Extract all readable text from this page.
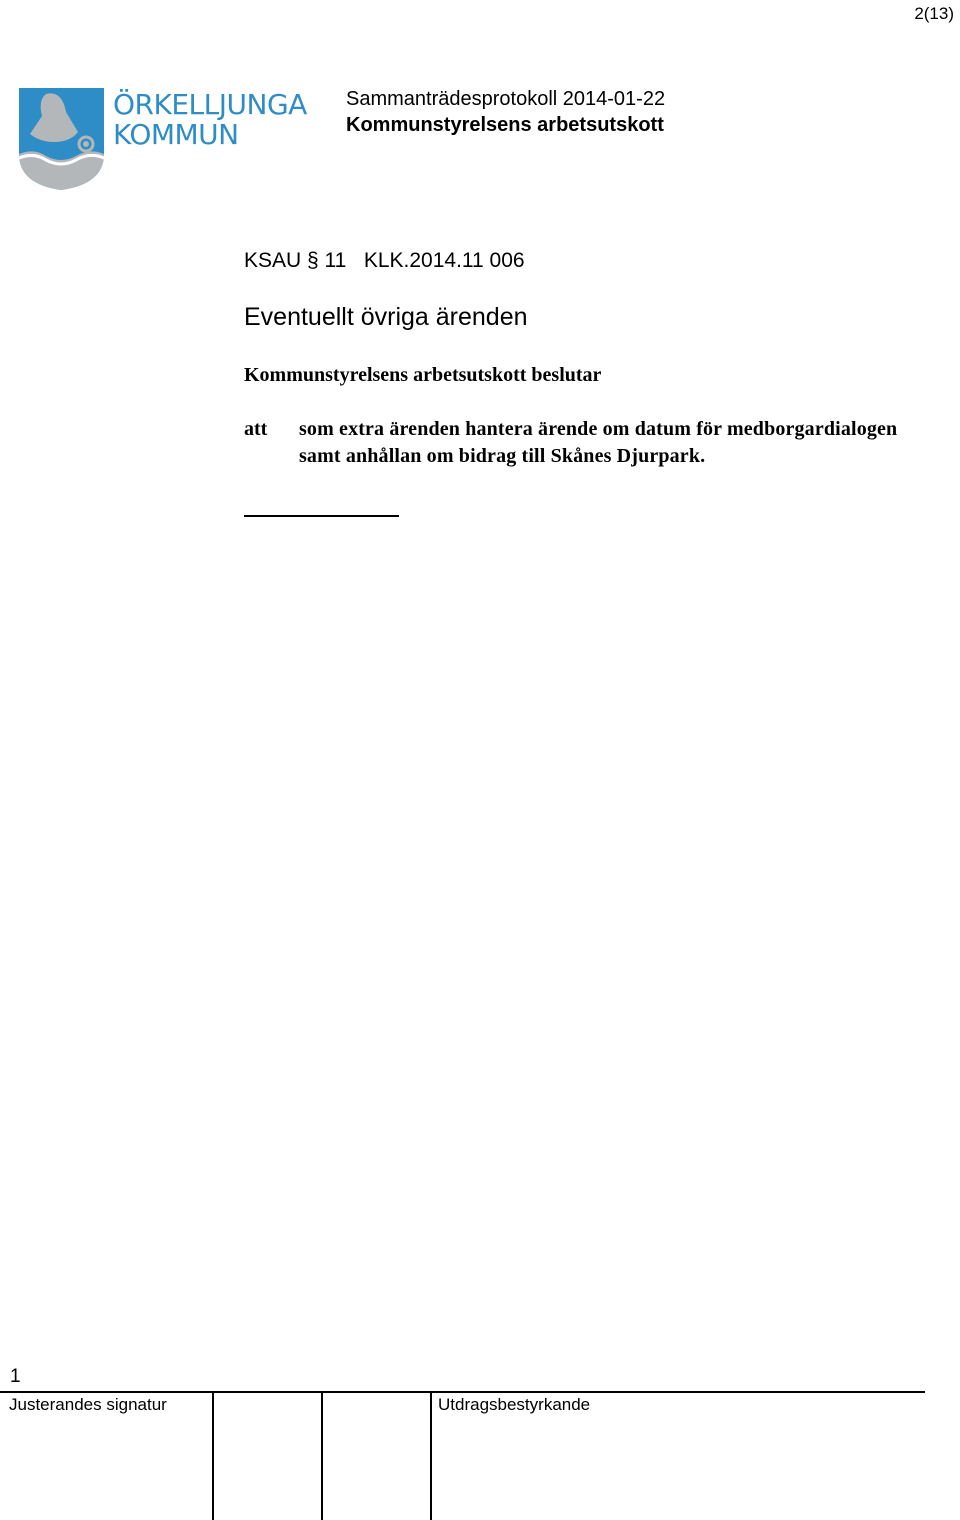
2(13)
ÖRKELLJUNGA
KOMMUN
Sammanträdesprotokoll 2014-01-22
Kommunstyrelsens arbetsutskott
KSAU § 11   KLK.2014.11 006
Eventuellt övriga ärenden
Kommunstyrelsens arbetsutskott beslutar
att som extra ärenden hantera ärende om datum för medborgardialogen samt anhållan om bidrag till Skånes Djurpark.
1
Justerandes signatur	Utdragsbestyrkande
